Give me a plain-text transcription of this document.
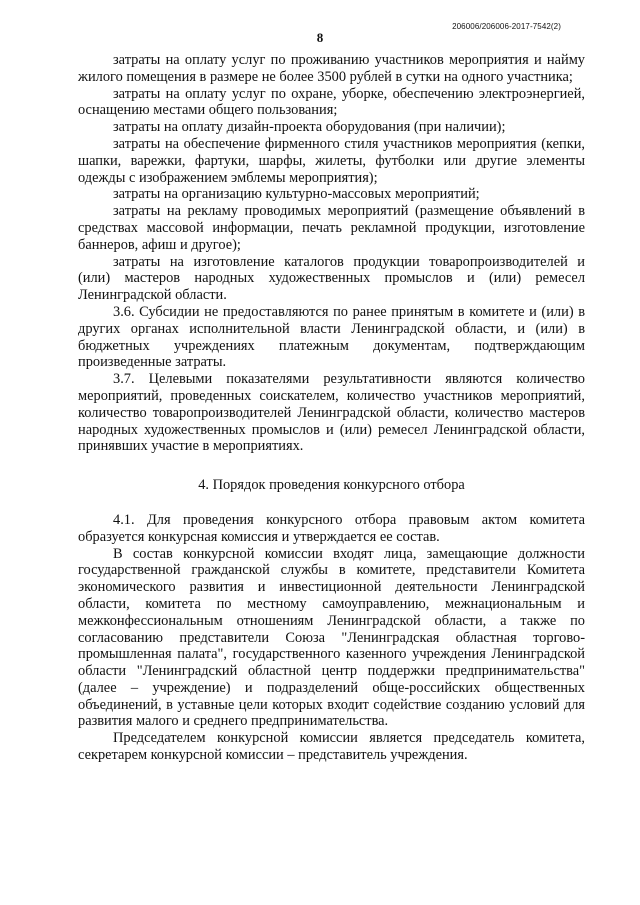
206006/206006-2017-7542(2)
8

затраты на оплату услуг по проживанию участников мероприятия и найму жилого помещения в размере не более 3500 рублей в сутки на одного участника;

затраты на оплату услуг по охране, уборке, обеспечению электроэнергией, оснащению местами общего пользования;

затраты на оплату дизайн-проекта оборудования (при наличии);

затраты на обеспечение фирменного стиля участников мероприятия (кепки, шапки, варежки, фартуки, шарфы, жилеты, футболки или другие элементы одежды с изображением эмблемы мероприятия);

затраты на организацию культурно-массовых мероприятий;

затраты на рекламу проводимых мероприятий (размещение объявлений в средствах массовой информации, печать рекламной продукции, изготовление баннеров, афиш и другое);

затраты на изготовление каталогов продукции товаропроизводителей и (или) мастеров народных художественных промыслов и (или) ремесел Ленинградской области.

3.6. Субсидии не предоставляются по ранее принятым в комитете и (или) в других органах исполнительной власти Ленинградской области, и (или) в бюджетных учреждениях платежным документам, подтверждающим произведенные затраты.

3.7. Целевыми показателями результативности являются количество мероприятий, проведенных соискателем, количество участников мероприятий, количество товаропроизводителей Ленинградской области, количество мастеров народных художественных промыслов и (или) ремесел Ленинградской области, принявших участие в мероприятиях.

4. Порядок проведения конкурсного отбора

4.1. Для проведения конкурсного отбора правовым актом комитета образуется конкурсная комиссия и утверждается ее состав.

В состав конкурсной комиссии входят лица, замещающие должности государственной гражданской службы в комитете, представители Комитета экономического развития и инвестиционной деятельности Ленинградской области, комитета по местному самоуправлению, межнациональным и межконфессиональным отношениям Ленинградской области, а также по согласованию представители Союза "Ленинградская областная торгово-промышленная палата", государственного казенного учреждения Ленинградской области "Ленинградский областной центр поддержки предпринимательства" (далее – учреждение) и подразделений обще-российских общественных объединений, в уставные цели которых входит содействие созданию условий для развития малого и среднего предпринимательства.

Председателем конкурсной комиссии является председатель комитета, секретарем конкурсной комиссии – представитель учреждения.
